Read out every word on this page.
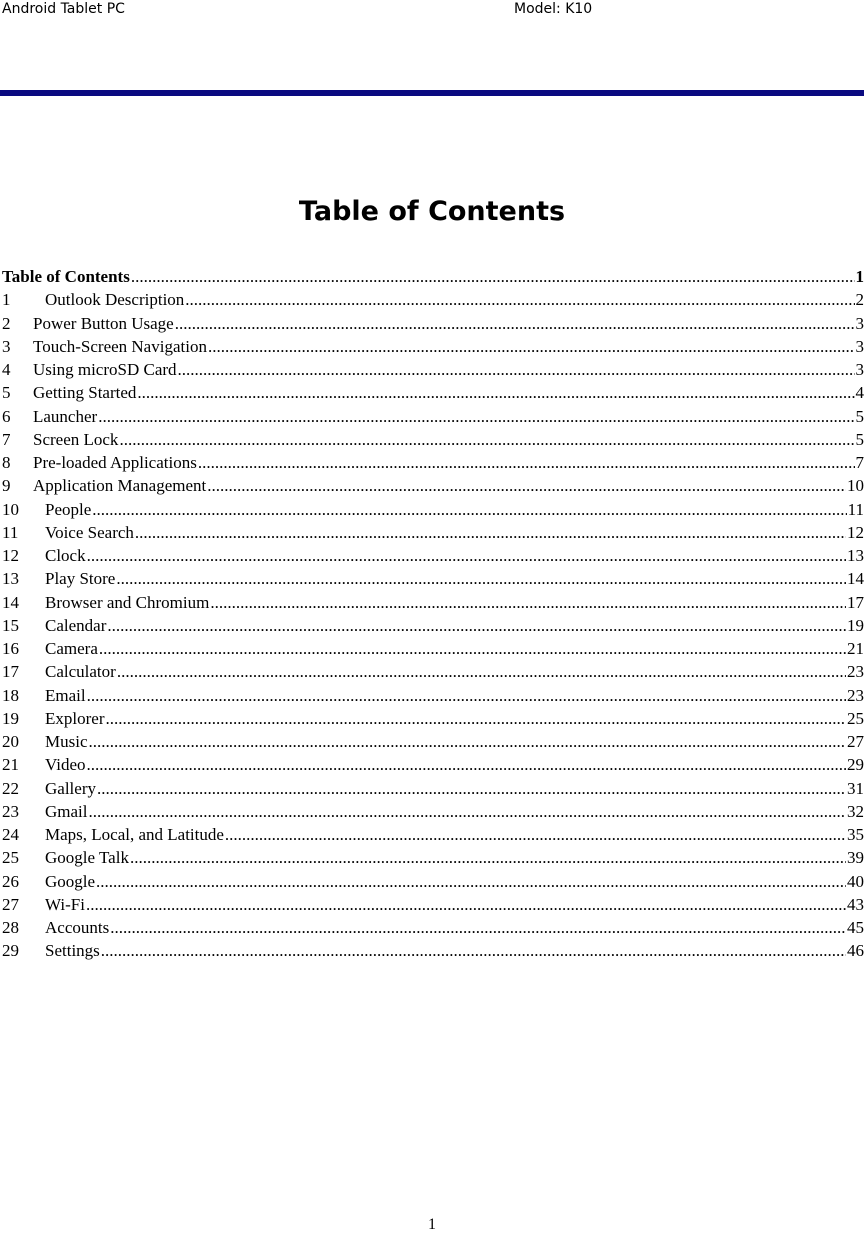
Android Tablet PC	Model: K10
Table of Contents
Table of Contents .....	1
1	Outlook Description .....	2
2	Power Button Usage .....	3
3	Touch-Screen Navigation .....	3
4	Using microSD Card .....	3
5	Getting Started .....	4
6	Launcher .....	5
7	Screen Lock .....	5
8	Pre-loaded Applications .....	7
9	Application Management .....	10
10	People .....	11
11	Voice Search .....	12
12	Clock .....	13
13	Play Store .....	14
14	Browser and Chromium .....	17
15	Calendar .....	19
16	Camera .....	21
17	Calculator .....	23
18	Email .....	23
19	Explorer .....	25
20	Music .....	27
21	Video .....	29
22	Gallery .....	31
23	Gmail .....	32
24	Maps, Local, and Latitude .....	35
25	Google Talk .....	39
26	Google .....	40
27	Wi-Fi .....	43
28	Accounts .....	45
29	Settings .....	46
1
